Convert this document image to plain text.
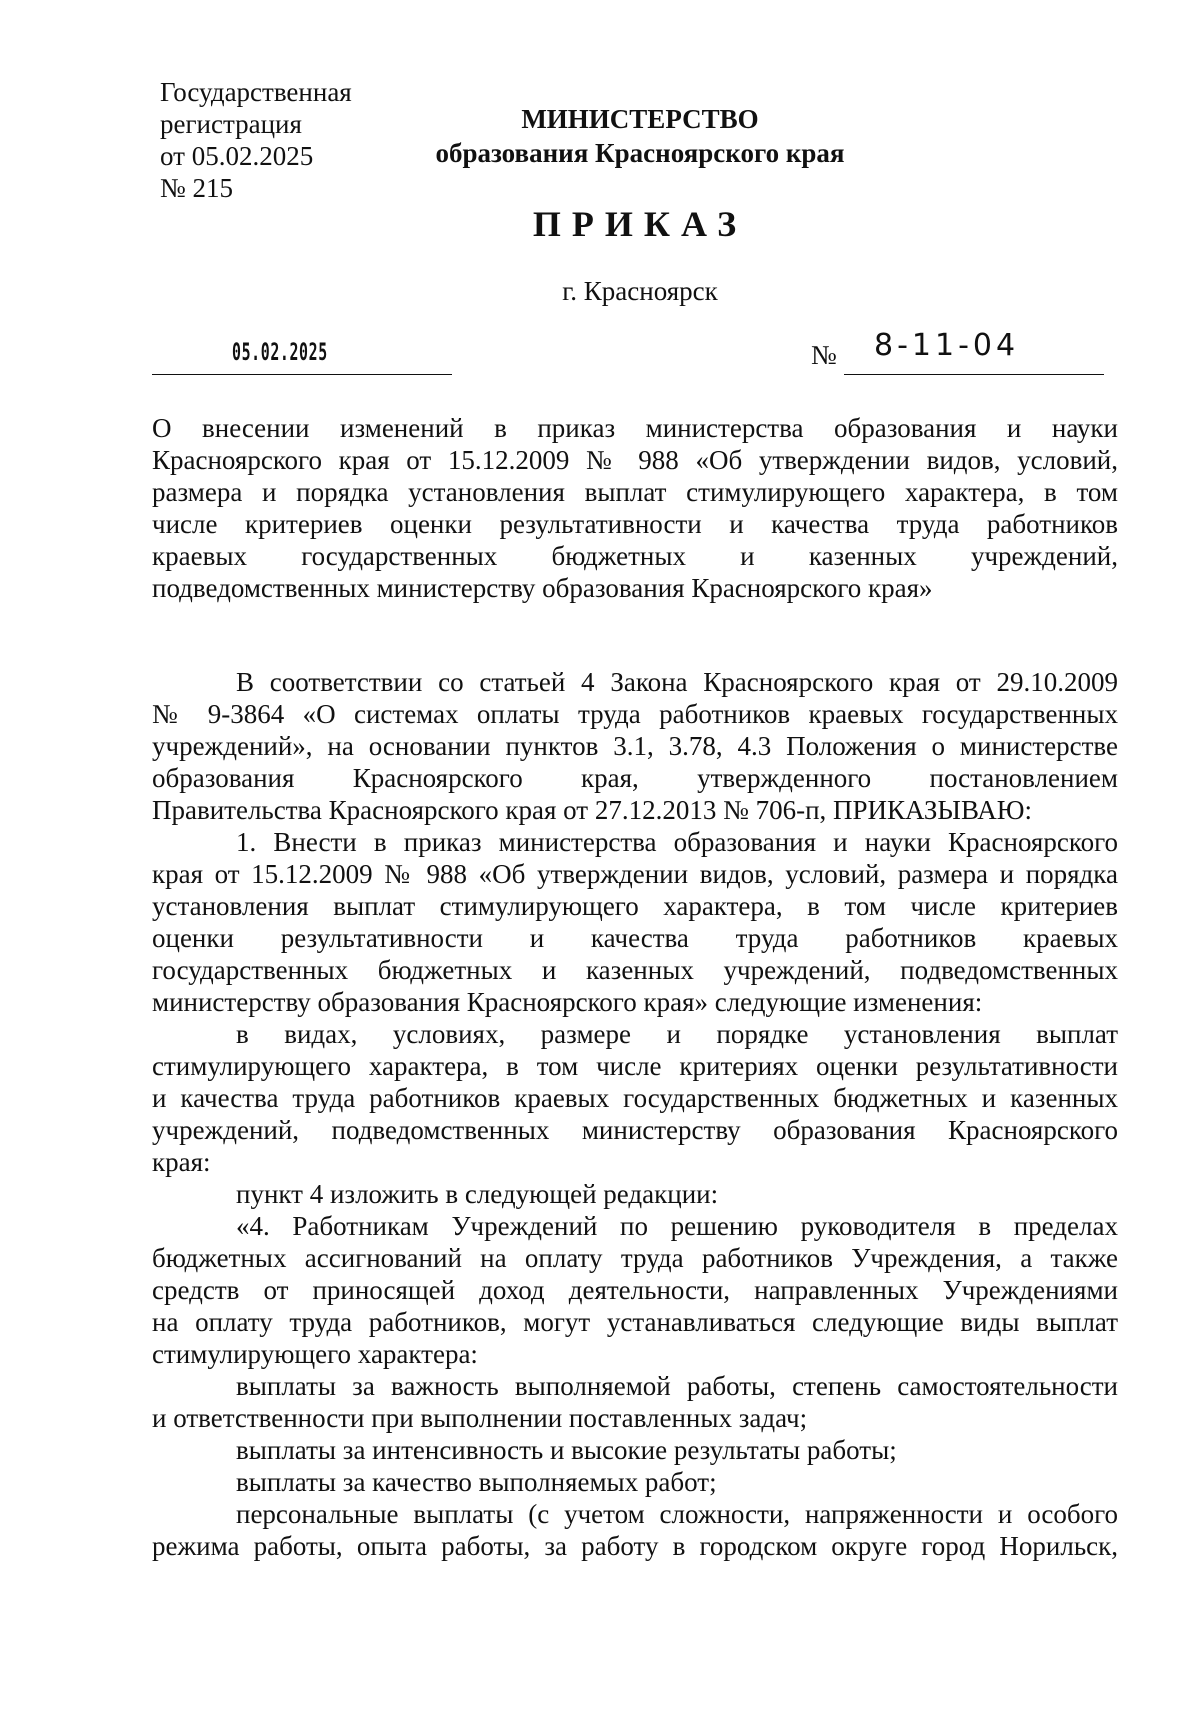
Государственная
регистрация
от 05.02.2025
№ 215
МИНИСТЕРСТВО
образования Красноярского края
ПРИКАЗ
г. Красноярск
05.02.2025	№ 8-11-04
О внесении изменений в приказ министерства образования и науки
Красноярского края от 15.12.2009 № 988 «Об утверждении видов, условий,
размера и порядка установления выплат стимулирующего характера, в том
числе критериев оценки результативности и качества труда работников
краевых государственных бюджетных и казенных учреждений,
подведомственных министерству образования Красноярского края»
В соответствии со статьей 4 Закона Красноярского края от 29.10.2009
№ 9-3864 «О системах оплаты труда работников краевых государственных
учреждений», на основании пунктов 3.1, 3.78, 4.3 Положения о министерстве
образования Красноярского края, утвержденного постановлением
Правительства Красноярского края от 27.12.2013 № 706-п, ПРИКАЗЫВАЮ:
1. Внести в приказ министерства образования и науки Красноярского
края от 15.12.2009 № 988 «Об утверждении видов, условий, размера и порядка
установления выплат стимулирующего характера, в том числе критериев
оценки результативности и качества труда работников краевых
государственных бюджетных и казенных учреждений, подведомственных
министерству образования Красноярского края» следующие изменения:
в видах, условиях, размере и порядке установления выплат
стимулирующего характера, в том числе критериях оценки результативности
и качества труда работников краевых государственных бюджетных и казенных
учреждений, подведомственных министерству образования Красноярского
края:
пункт 4 изложить в следующей редакции:
«4. Работникам Учреждений по решению руководителя в пределах
бюджетных ассигнований на оплату труда работников Учреждения, а также
средств от приносящей доход деятельности, направленных Учреждениями
на оплату труда работников, могут устанавливаться следующие виды выплат
стимулирующего характера:
выплаты за важность выполняемой работы, степень самостоятельности
и ответственности при выполнении поставленных задач;
выплаты за интенсивность и высокие результаты работы;
выплаты за качество выполняемых работ;
персональные выплаты (с учетом сложности, напряженности и особого
режима работы, опыта работы, за работу в городском округе город Норильск,
